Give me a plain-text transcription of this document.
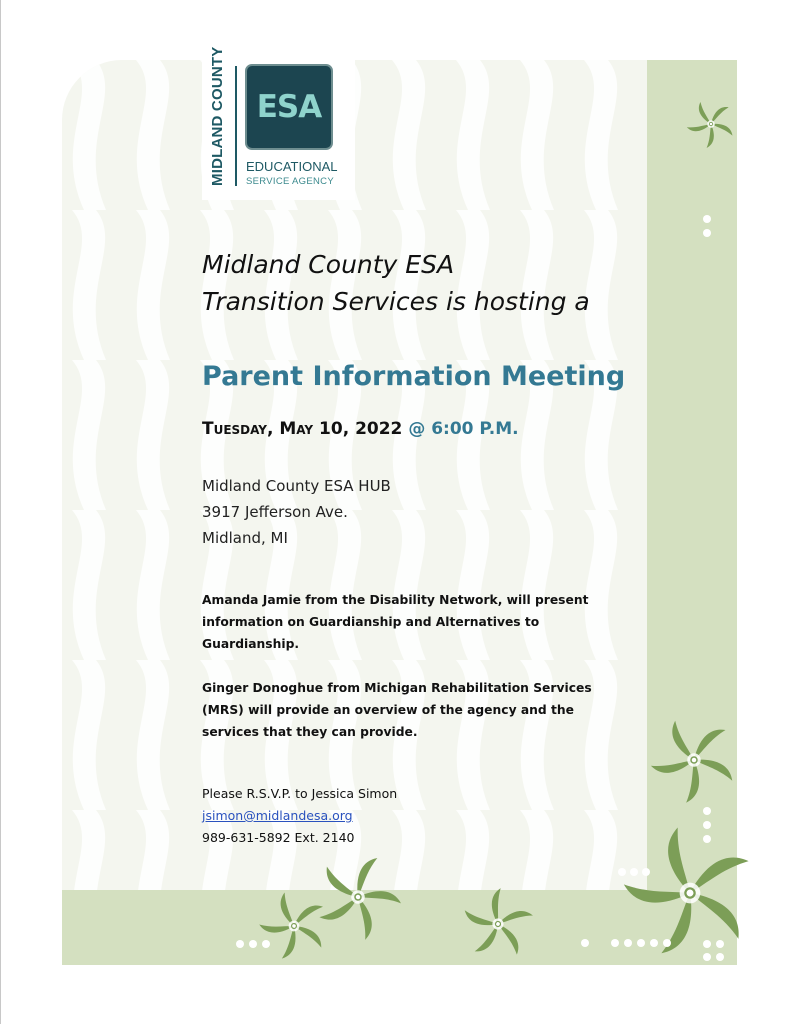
MIDLAND COUNTY ESA
EDUCATIONAL
SERVICE AGENCY
Midland County ESA
Transition Services is hosting a
Parent Information Meeting
Tuesday, May 10, 2022 @ 6:00 P.M.
Midland County ESA HUB
3917 Jefferson Ave.
Midland, MI
Amanda Jamie from the Disability Network, will present information on Guardianship and Alternatives to Guardianship.
Ginger Donoghue from Michigan Rehabilitation Services (MRS) will provide an overview of the agency and the services that they can provide.
Please R.S.V.P. to Jessica Simon
jsimon@midlandesa.org
989-631-5892 Ext. 2140
